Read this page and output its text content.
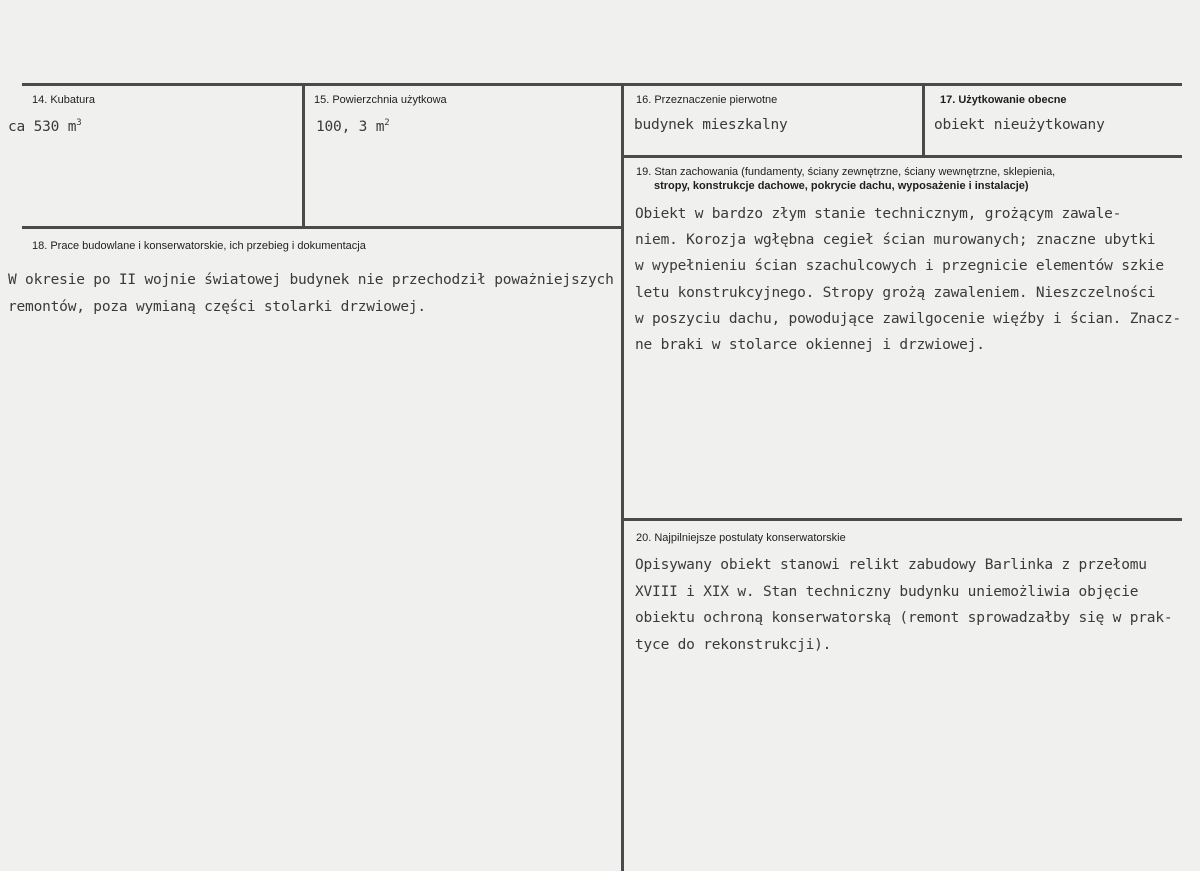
14. Kubatura
ca 530 $m^3$
15. Powierzchnia użytkowa
100, 3 $m^2$
16. Przeznaczenie pierwotne
budynek mieszkalny
17. Użytkowanie obecne
obiekt nieużytkowany
18. Prace budowlane i konserwatorskie, ich przebieg i dokumentacja
W okresie po II wojnie światowej budynek nie przechodził poważniejszych
remontów, poza wymianą części stolarki drzwiowej.
19. Stan zachowania (fundamenty, ściany zewnętrzne, ściany wewnętrzne, sklepienia,
stropy, konstrukcje dachowe, pokrycie dachu, wyposażenie i instalacje)
Obiekt w bardzo złym stanie technicznym, grożącym zawale-
niem. Korozja wgłębna cegieł ścian murowanych; znaczne ubytki
w wypełnieniu ścian szachulcowych i przegnicie elementów szkie
letu konstrukcyjnego. Stropy grożą zawaleniem. Nieszczelności
w poszyciu dachu, powodujące zawilgocenie więźby i ścian. Znacz-
ne braki w stolarce okiennej i drzwiowej.
20. Najpilniejsze postulaty konserwatorskie
Opisywany obiekt stanowi relikt zabudowy Barlinka z przełomu
XVIII i XIX w. Stan techniczny budynku uniemożliwia objęcie
obiektu ochroną konserwatorską (remont sprowadzałby się w prak-
tyce do rekonstrukcji).
